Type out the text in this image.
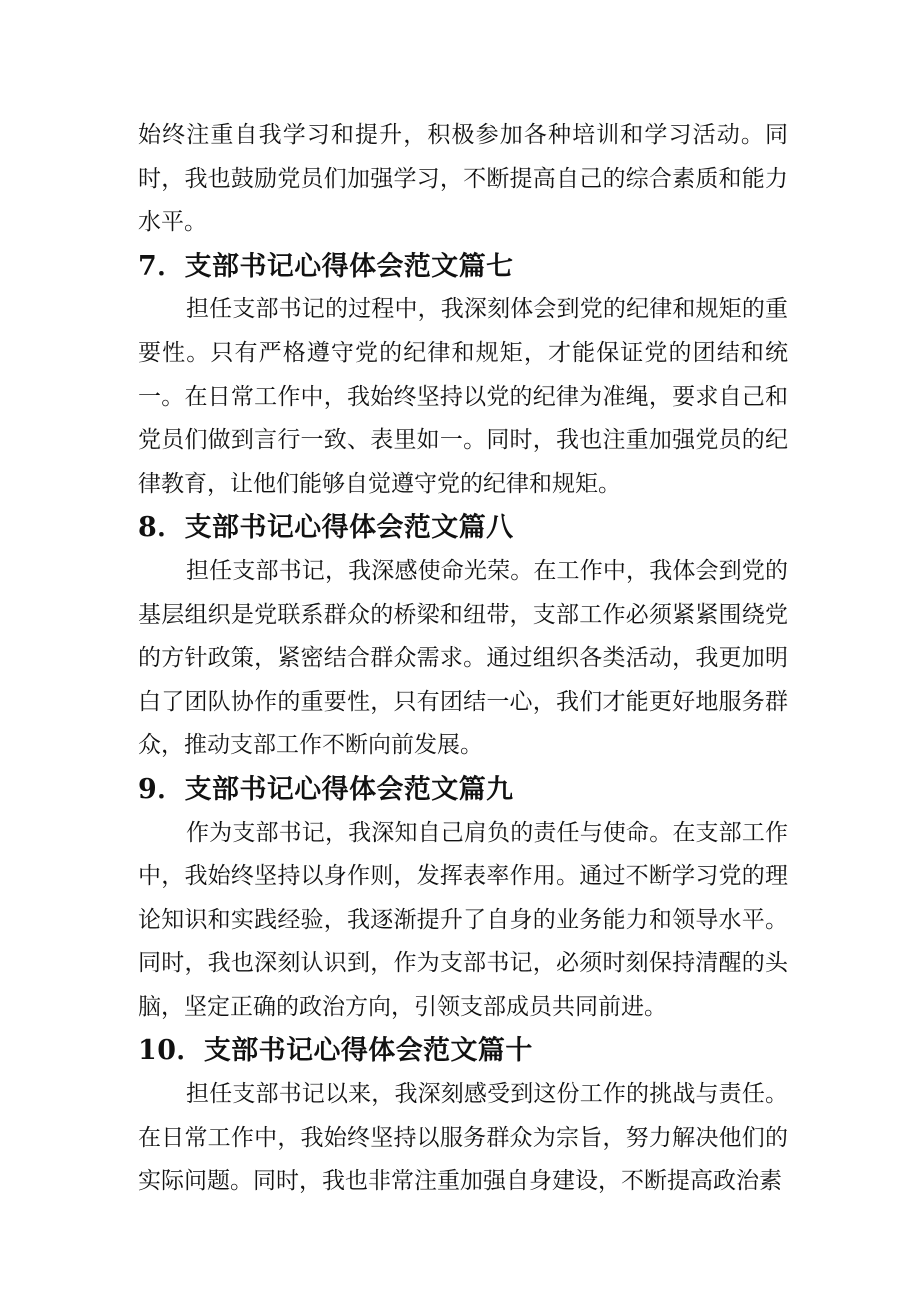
始终注重自我学习和提升，积极参加各种培训和学习活动。同时，我也鼓励党员们加强学习，不断提高自己的综合素质和能力水平。

7．支部书记心得体会范文篇七

担任支部书记的过程中，我深刻体会到党的纪律和规矩的重要性。只有严格遵守党的纪律和规矩，才能保证党的团结和统一。在日常工作中，我始终坚持以党的纪律为准绳，要求自己和党员们做到言行一致、表里如一。同时，我也注重加强党员的纪律教育，让他们能够自觉遵守党的纪律和规矩。

8．支部书记心得体会范文篇八

担任支部书记，我深感使命光荣。在工作中，我体会到党的基层组织是党联系群众的桥梁和纽带，支部工作必须紧紧围绕党的方针政策，紧密结合群众需求。通过组织各类活动，我更加明白了团队协作的重要性，只有团结一心，我们才能更好地服务群众，推动支部工作不断向前发展。

9．支部书记心得体会范文篇九

作为支部书记，我深知自己肩负的责任与使命。在支部工作中，我始终坚持以身作则，发挥表率作用。通过不断学习党的理论知识和实践经验，我逐渐提升了自身的业务能力和领导水平。同时，我也深刻认识到，作为支部书记，必须时刻保持清醒的头脑，坚定正确的政治方向，引领支部成员共同前进。

10．支部书记心得体会范文篇十

担任支部书记以来，我深刻感受到这份工作的挑战与责任。在日常工作中，我始终坚持以服务群众为宗旨，努力解决他们的实际问题。同时，我也非常注重加强自身建设，不断提高政治素
